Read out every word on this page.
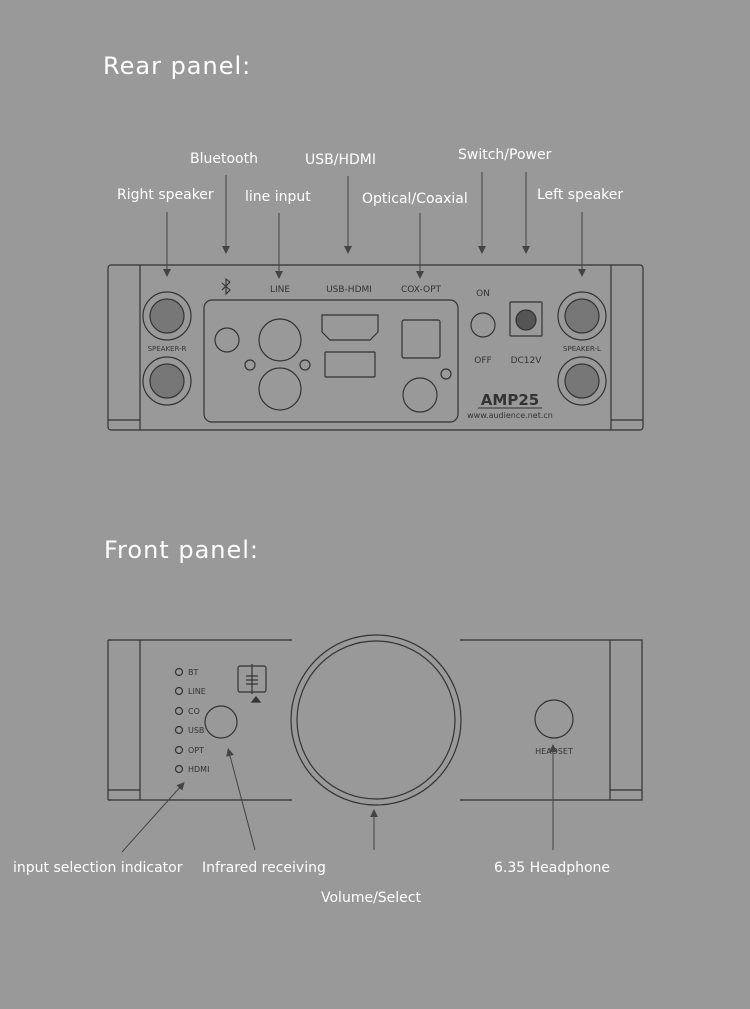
Rear panel:
Front panel:
Bluetooth	USB/HDMI	Switch/Power
Right speaker line input	Optical/Coaxial	Left speaker
input selection indicator Infrared receiving
Volume/Select
6.35 Headphone
LINE	USB-HDMI	COX-OPT	ON
OFF DC12V
SPEAKER-R	SPEAKER-L
AMP25
www.audience.net.cn
BT
LINE
CO
USB
OPT
HDMI
HEADSET
